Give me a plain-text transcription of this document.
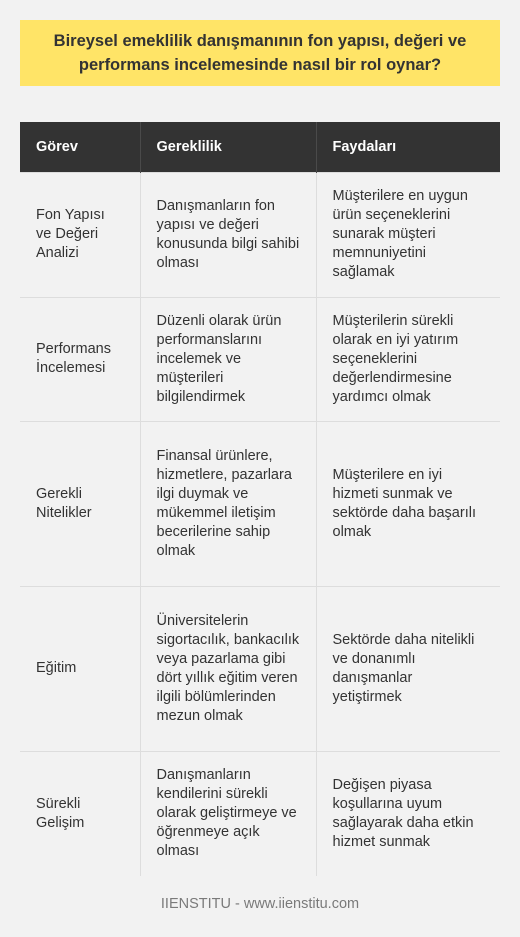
Bireysel emeklilik danışmanının fon yapısı, değeri ve
performans incelemesinde nasıl bir rol oynar?
Görev	Gereklilik	Faydaları
Fon Yapısı ve Değeri Analizi	Danışmanların fon yapısı ve değeri konusunda bilgi sahibi olması	Müşterilere en uygun ürün seçeneklerini sunarak müşteri memnuniyetini sağlamak
Performans İncelemesi	Düzenli olarak ürün performanslarını incelemek ve müşterileri bilgilendirmek	Müşterilerin sürekli olarak en iyi yatırım seçeneklerini değerlendirmesine yardımcı olmak
Gerekli Nitelikler	Finansal ürünlere, hizmetlere, pazarlara ilgi duymak ve mükemmel iletişim becerilerine sahip olmak	Müşterilere en iyi hizmeti sunmak ve sektörde daha başarılı olmak
Eğitim	Üniversitelerin sigortacılık, bankacılık veya pazarlama gibi dört yıllık eğitim veren ilgili bölümlerinden mezun olmak	Sektörde daha nitelikli ve donanımlı danışmanlar yetiştirmek
Sürekli Gelişim	Danışmanların kendilerini sürekli olarak geliştirmeye ve öğrenmeye açık olması	Değişen piyasa koşullarına uyum sağlayarak daha etkin hizmet sunmak
IIENSTITU - www.iienstitu.com
